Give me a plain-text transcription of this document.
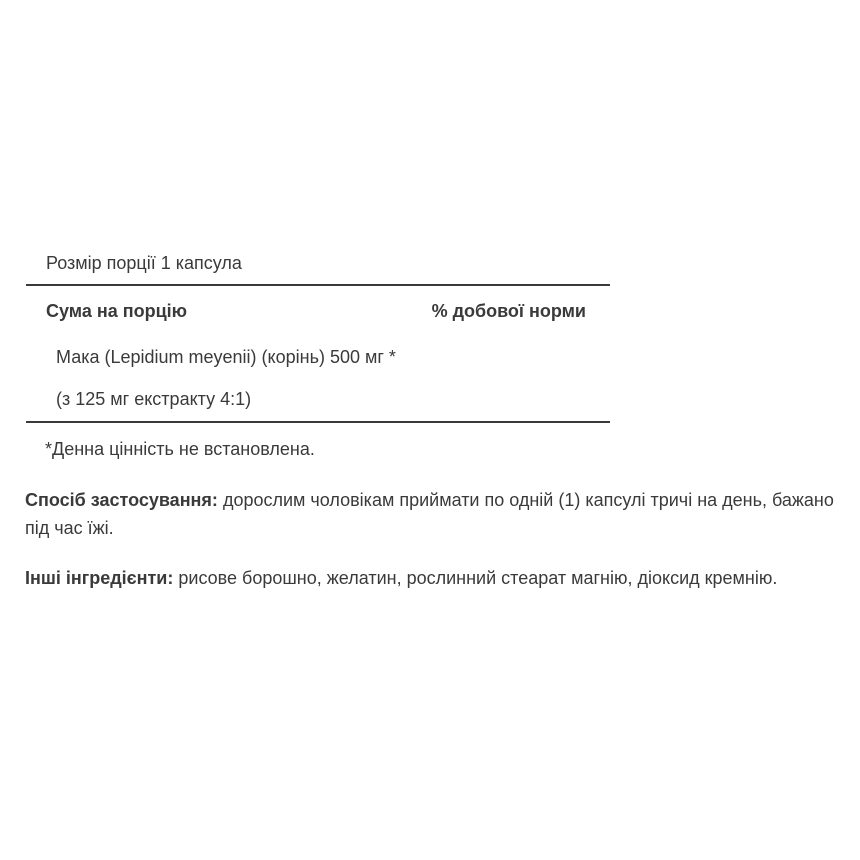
Розмір порції 1 капсула
Сума на порцію	% добової норми
Мака (Lepidium meyenii) (корінь) 500 мг *
(з 125 мг екстракту 4:1)
*Денна цінність не встановлена.
Спосіб застосування: дорослим чоловікам приймати по одній (1) капсулі тричі на день, бажано під час їжі.
Інші інгредієнти: рисове борошно, желатин, рослинний стеарат магнію, діоксид кремнію.
